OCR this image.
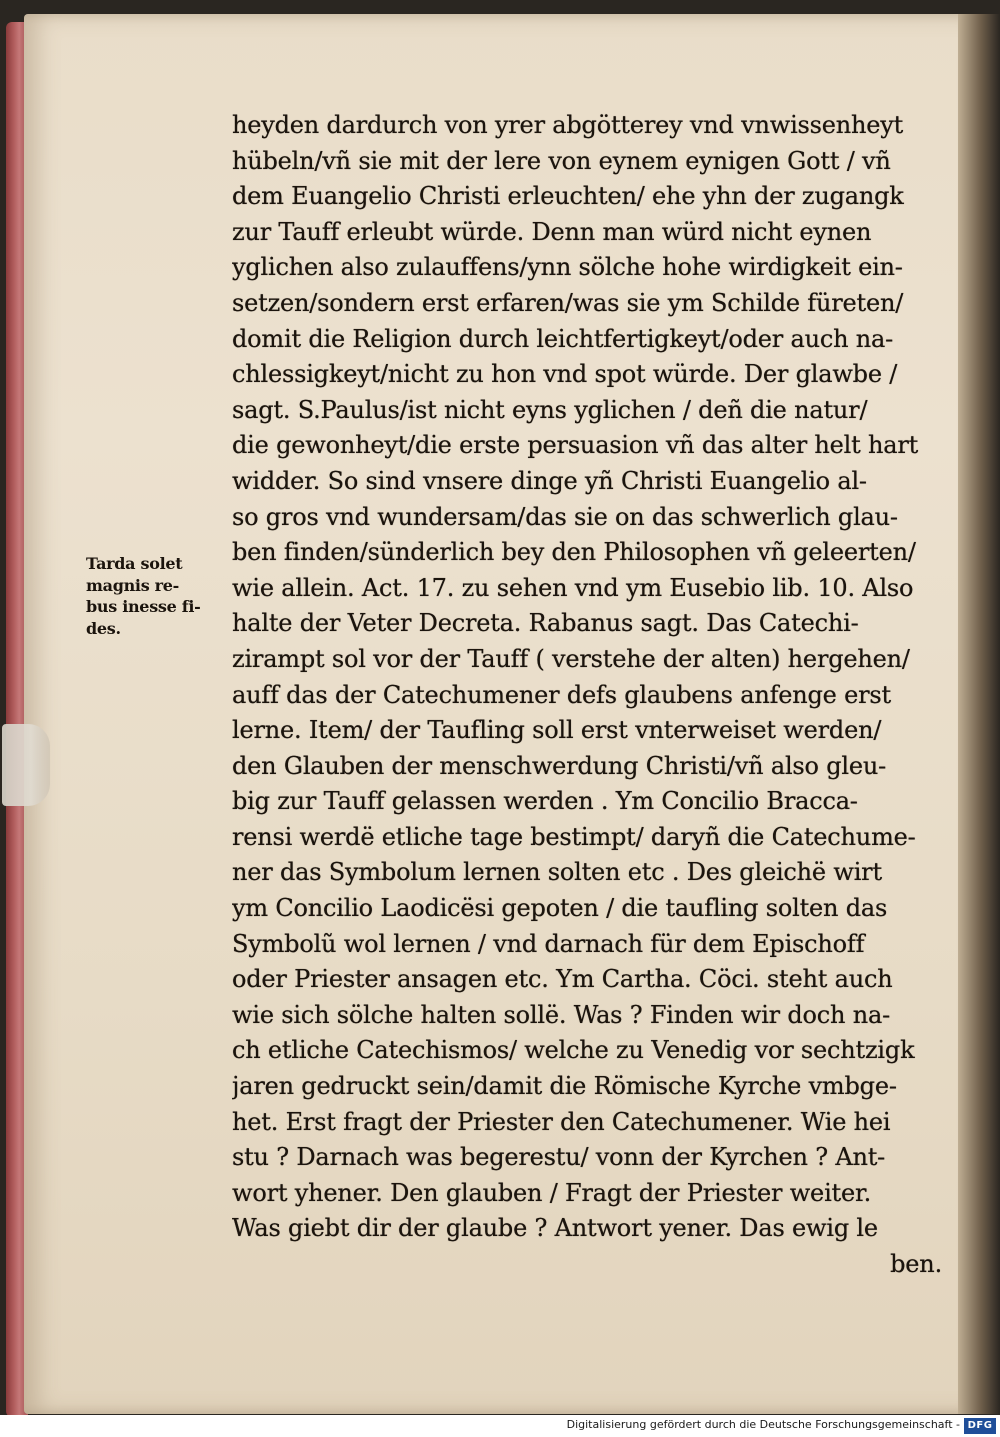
Tarda solet
magnis re-
bus inesse fi-
des.
heyden dardurch von yrer abgötterey vnd vnwissenheyt
hübeln/vñ sie mit der lere von eynem eynigen Gott / vñ
dem Euangelio Christi erleuchten/ ehe yhn der zugangk
zur Tauff erleubt würde. Denn man würd nicht eynen
yglichen also zulauffens/ynn sölche hohe wirdigkeit ein-
setzen/sondern erst erfaren/was sie ym Schilde füreten/
domit die Religion durch leichtfertigkeyt/oder auch na-
chlessigkeyt/nicht zu hon vnd spot würde. Der glawbe /
sagt. S.Paulus/ist nicht eyns yglichen / deñ die natur/
die gewonheyt/die erste persuasion vñ das alter helt hart
widder. So sind vnsere dinge yñ Christi Euangelio al-
so gros vnd wundersam/das sie on das schwerlich glau-
ben finden/sünderlich bey den Philosophen vñ geleerten/
wie allein. Act. 17. zu sehen vnd ym Eusebio lib. 10. Also
halte der Veter Decreta. Rabanus sagt. Das Catechi-
zirampt sol vor der Tauff ( verstehe der alten) hergehen/
auff das der Catechumener defs glaubens anfenge erst
lerne. Item/ der Taufling soll erst vnterweiset werden/
den Glauben der menschwerdung Christi/vñ also gleu-
big zur Tauff gelassen werden . Ym Concilio Bracca-
rensi werdë etliche tage bestimpt/ daryñ die Catechume-
ner das Symbolum lernen solten etc . Des gleichë wirt
ym Concilio Laodicësi gepoten / die taufling solten das
Symbolũ wol lernen / vnd darnach für dem Epischoff
oder Priester ansagen etc. Ym Cartha. Cöci. steht auch
wie sich sölche halten sollë. Was ? Finden wir doch na-
ch etliche Catechismos/ welche zu Venedig vor sechtzigk
jaren gedruckt sein/damit die Römische Kyrche vmbge-
het. Erst fragt der Priester den Catechumener. Wie hei
stu ? Darnach was begerestu/ vonn der Kyrchen ? Ant-
wort yhener. Den glauben / Fragt der Priester weiter.
Was giebt dir der glaube ? Antwort yener. Das ewig le
ben.
Digitalisierung gefördert durch die Deutsche Forschungsgemeinschaft - DFG
